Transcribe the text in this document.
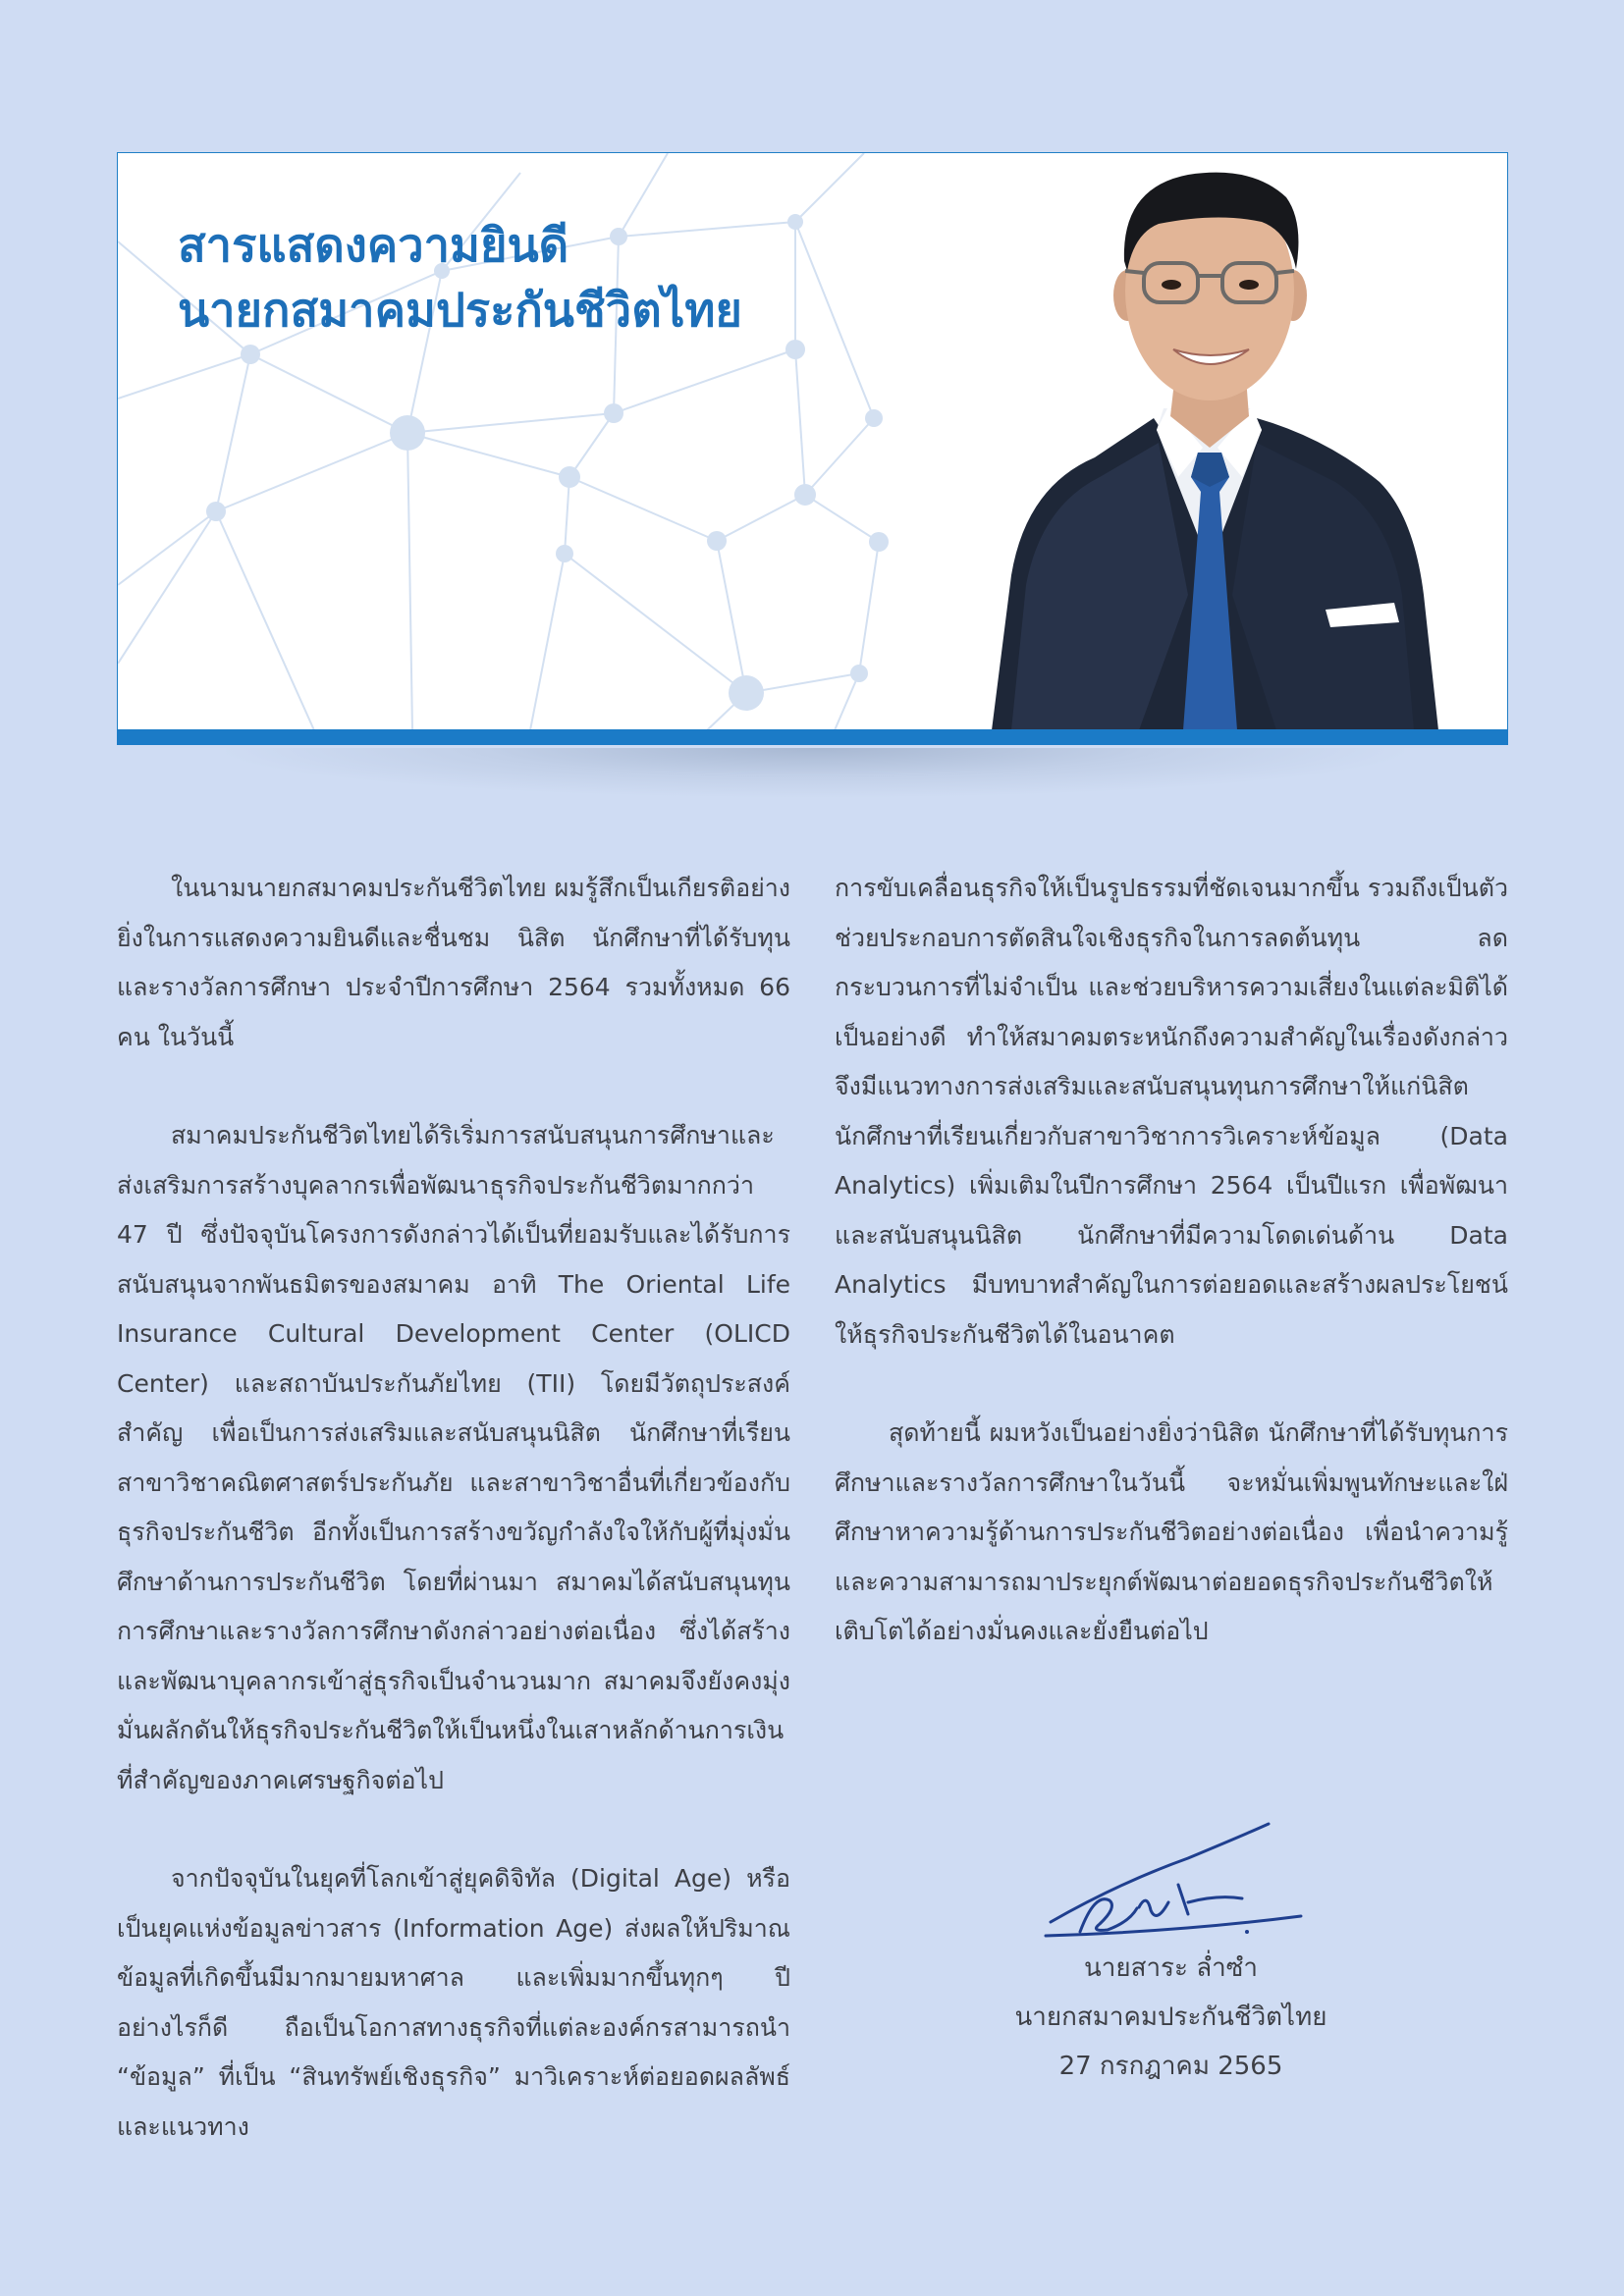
สารแสดงความยินดี
นายกสมาคมประกันชีวิตไทย

ในนามนายกสมาคมประกันชีวิตไทย ผมรู้สึกเป็นเกียรติอย่างยิ่งในการแสดงความยินดีและชื่นชม นิสิต นักศึกษาที่ได้รับทุนและรางวัลการศึกษา ประจำปีการศึกษา 2564 รวมทั้งหมด 66 คน ในวันนี้

สมาคมประกันชีวิตไทยได้ริเริ่มการสนับสนุนการศึกษาและส่งเสริมการสร้างบุคลากรเพื่อพัฒนาธุรกิจประกันชีวิตมากกว่า 47 ปี ซึ่งปัจจุบันโครงการดังกล่าวได้เป็นที่ยอมรับและได้รับการสนับสนุนจากพันธมิตรของสมาคม อาทิ The Oriental Life Insurance Cultural Development Center (OLICD Center) และสถาบันประกันภัยไทย (TII) โดยมีวัตถุประสงค์สำคัญ เพื่อเป็นการส่งเสริมและสนับสนุนนิสิต นักศึกษาที่เรียนสาขาวิชาคณิตศาสตร์ประกันภัย และสาขาวิชาอื่นที่เกี่ยวข้องกับธุรกิจประกันชีวิต อีกทั้งเป็นการสร้างขวัญกำลังใจให้กับผู้ที่มุ่งมั่นศึกษาด้านการประกันชีวิต โดยที่ผ่านมา สมาคมได้สนับสนุนทุนการศึกษาและรางวัลการศึกษาดังกล่าวอย่างต่อเนื่อง ซึ่งได้สร้างและพัฒนาบุคลากรเข้าสู่ธุรกิจเป็นจำนวนมาก สมาคมจึงยังคงมุ่งมั่นผลักดันให้ธุรกิจประกันชีวิตให้เป็นหนึ่งในเสาหลักด้านการเงินที่สำคัญของภาคเศรษฐกิจต่อไป

จากปัจจุบันในยุคที่โลกเข้าสู่ยุคดิจิทัล (Digital Age) หรือเป็นยุคแห่งข้อมูลข่าวสาร (Information Age) ส่งผลให้ปริมาณข้อมูลที่เกิดขึ้นมีมากมายมหาศาล และเพิ่มมากขึ้นทุกๆ ปี อย่างไรก็ดี ถือเป็นโอกาสทางธุรกิจที่แต่ละองค์กรสามารถนำ “ข้อมูล” ที่เป็น “สินทรัพย์เชิงธุรกิจ” มาวิเคราะห์ต่อยอดผลลัพธ์และแนวทาง

การขับเคลื่อนธุรกิจให้เป็นรูปธรรมที่ชัดเจนมากขึ้น รวมถึงเป็นตัวช่วยประกอบการตัดสินใจเชิงธุรกิจในการลดต้นทุน ลดกระบวนการที่ไม่จำเป็น และช่วยบริหารความเสี่ยงในแต่ละมิติได้เป็นอย่างดี ทำให้สมาคมตระหนักถึงความสำคัญในเรื่องดังกล่าว จึงมีแนวทางการส่งเสริมและสนับสนุนทุนการศึกษาให้แก่นิสิต นักศึกษาที่เรียนเกี่ยวกับสาขาวิชาการวิเคราะห์ข้อมูล (Data Analytics) เพิ่มเติมในปีการศึกษา 2564 เป็นปีแรก เพื่อพัฒนาและสนับสนุนนิสิต นักศึกษาที่มีความโดดเด่นด้าน Data Analytics มีบทบาทสำคัญในการต่อยอดและสร้างผลประโยชน์ให้ธุรกิจประกันชีวิตได้ในอนาคต

สุดท้ายนี้ ผมหวังเป็นอย่างยิ่งว่านิสิต นักศึกษาที่ได้รับทุนการศึกษาและรางวัลการศึกษาในวันนี้ จะหมั่นเพิ่มพูนทักษะและใฝ่ศึกษาหาความรู้ด้านการประกันชีวิตอย่างต่อเนื่อง เพื่อนำความรู้และความสามารถมาประยุกต์พัฒนาต่อยอดธุรกิจประกันชีวิตให้เติบโตได้อย่างมั่นคงและยั่งยืนต่อไป

นายสาระ ล่ำซำ
นายกสมาคมประกันชีวิตไทย
27 กรกฎาคม 2565
